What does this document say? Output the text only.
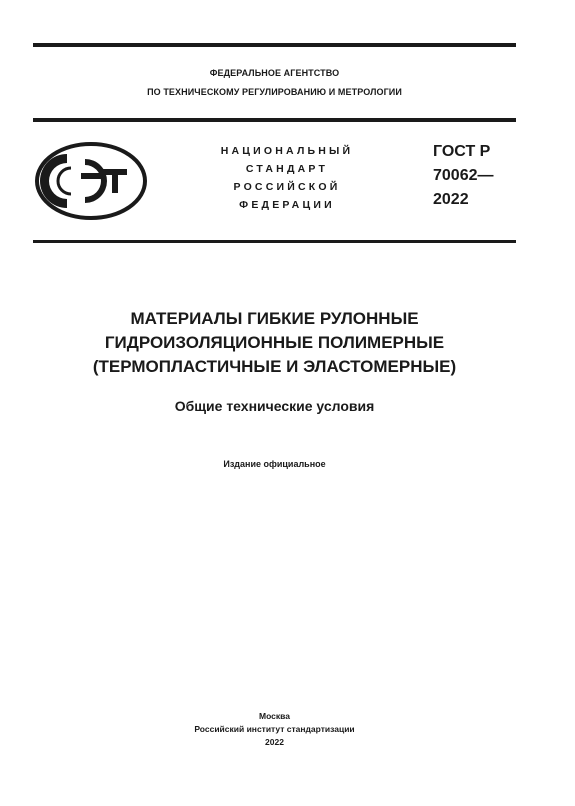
ФЕДЕРАЛЬНОЕ АГЕНТСТВО
ПО ТЕХНИЧЕСКОМУ РЕГУЛИРОВАНИЮ И МЕТРОЛОГИИ
НАЦИОНАЛЬНЫЙ
СТАНДАРТ
РОССИЙСКОЙ
ФЕДЕРАЦИИ
ГОСТ Р
70062—
2022
МАТЕРИАЛЫ ГИБКИЕ РУЛОННЫЕ
ГИДРОИЗОЛЯЦИОННЫЕ ПОЛИМЕРНЫЕ
(ТЕРМОПЛАСТИЧНЫЕ И ЭЛАСТОМЕРНЫЕ)
Общие технические условия
Издание официальное
Москва
Российский институт стандартизации
2022
